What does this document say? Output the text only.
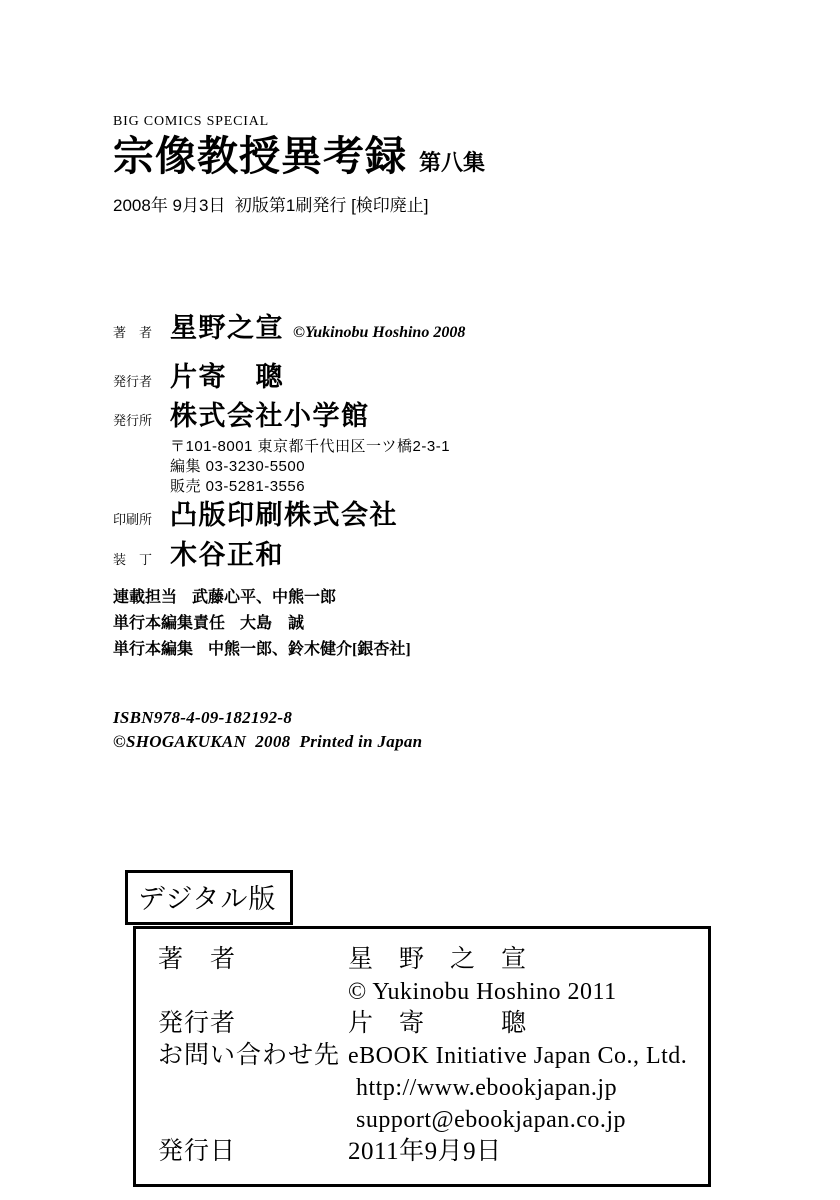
BIG COMICS SPECIAL
宗像教授異考録 第八集
2008年 9月3日  初版第1刷発行 [検印廃止]
著　者 星野之宣 ©Yukinobu Hoshino 2008
発行者 片寄　聰
発行所 株式会社小学館
〒101-8001 東京都千代田区一ツ橋2-3-1
編集 03-3230-5500
販売 03-5281-3556
印刷所 凸版印刷株式会社
装　丁 木谷正和
連載担当 武藤心平、中熊一郎
単行本編集責任 大島　誠
単行本編集 中熊一郎、鈴木健介[銀杏社]
ISBN978-4-09-182192-8
©SHOGAKUKAN  2008  Printed in Japan
デジタル版
著　者	星　野　之　宣
© Yukinobu Hoshino 2011
発行者	片　寄　　　聰
お問い合わせ先 eBOOK Initiative Japan Co., Ltd.
http://www.ebookjapan.jp
support@ebookjapan.co.jp
発行日	2011年9月9日
